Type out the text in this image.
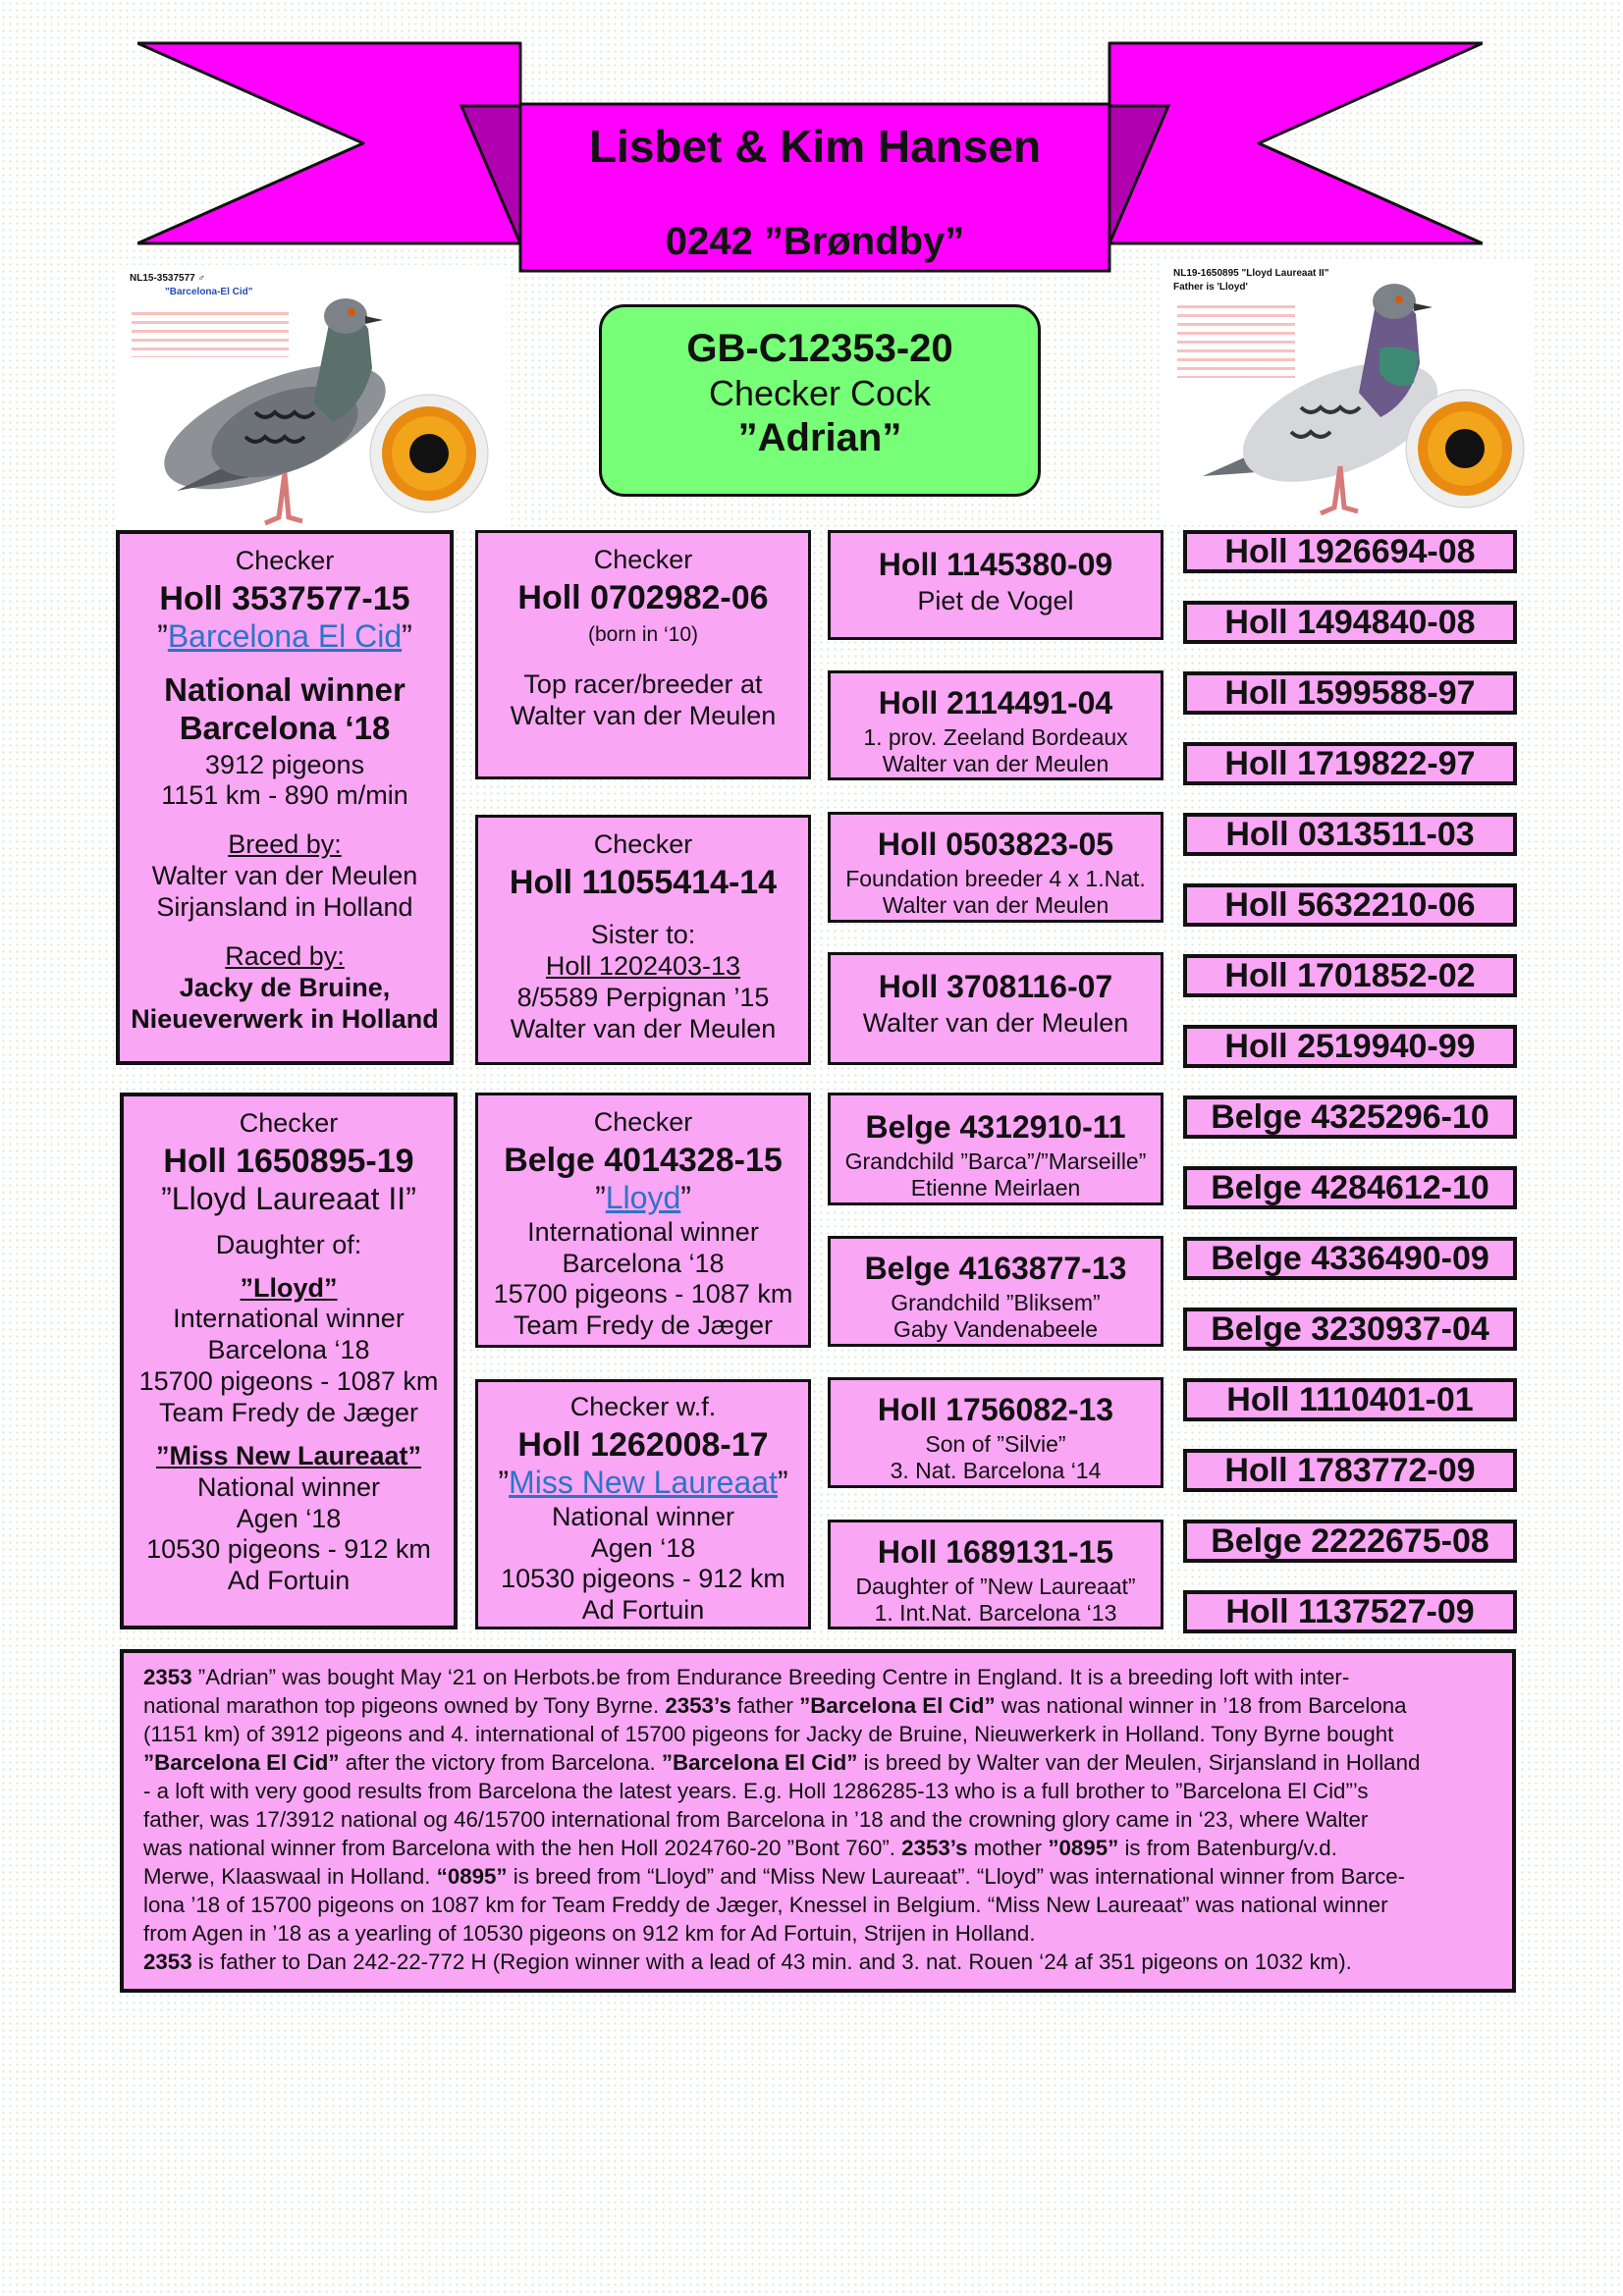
Lisbet & Kim Hansen
0242 ”Brøndby”
NL15-3537577 ♂
"Barcelona-El Cid"
NL19-1650895 "Lloyd Laureaat II"
Father is 'Lloyd'
GB-C12353-20
Checker Cock
”Adrian”
Checker
Holl 3537577-15
”Barcelona El Cid”
National winner
Barcelona ‘18
3912 pigeons
1151 km - 890 m/min
Breed by:
Walter van der Meulen
Sirjansland in Holland
Raced by:
Jacky de Bruine,
Nieueverwerk in Holland
Checker
Holl 0702982-06
(born in ‘10)
Top racer/breeder at
Walter van der Meulen
Checker
Holl 11055414-14
Sister to:
Holl 1202403-13
8/5589 Perpignan ’15
Walter van der Meulen
Checker
Holl 1650895-19
”Lloyd Laureaat II”
Daughter of:
”Lloyd”
International winner
Barcelona ‘18
15700 pigeons - 1087 km
Team Fredy de Jæger
”Miss New Laureaat”
National winner
Agen ‘18
10530 pigeons - 912 km
Ad Fortuin
Checker
Belge 4014328-15
”Lloyd”
International winner
Barcelona ‘18
15700 pigeons - 1087 km
Team Fredy de Jæger
Checker w.f.
Holl 1262008-17
”Miss New Laureaat”
National winner
Agen ‘18
10530 pigeons - 912 km
Ad Fortuin
Holl 1145380-09
Piet de Vogel
Holl 2114491-04
1. prov. Zeeland Bordeaux
Walter van der Meulen
Holl 0503823-05
Foundation breeder 4 x 1.Nat.
Walter van der Meulen
Holl 3708116-07
Walter van der Meulen
Belge 4312910-11
Grandchild ”Barca”/”Marseille”
Etienne Meirlaen
Belge 4163877-13
Grandchild ”Bliksem”
Gaby Vandenabeele
Holl 1756082-13
Son of ”Silvie”
3. Nat. Barcelona ‘14
Holl 1689131-15
Daughter of ”New Laureaat”
1. Int.Nat. Barcelona ‘13
Holl 1926694-08
Holl 1494840-08
Holl 1599588-97
Holl 1719822-97
Holl 0313511-03
Holl 5632210-06
Holl 1701852-02
Holl 2519940-99
Belge 4325296-10
Belge 4284612-10
Belge 4336490-09
Belge 3230937-04
Holl 1110401-01
Holl 1783772-09
Belge 2222675-08
Holl 1137527-09
2353 ”Adrian” was bought May ‘21 on Herbots.be from Endurance Breeding Centre in England. It is a breeding loft with inter-
national marathon top pigeons owned by Tony Byrne. 2353’s father ”Barcelona El Cid” was national winner in ’18 from Barcelona
(1151 km) of 3912 pigeons and 4. international of 15700 pigeons for Jacky de Bruine, Nieuwerkerk in Holland. Tony Byrne bought
”Barcelona El Cid” after the victory from Barcelona. ”Barcelona El Cid” is breed by Walter van der Meulen, Sirjansland in Holland
- a loft with very good results from Barcelona the latest years. E.g. Holl 1286285-13 who is a full brother to ”Barcelona El Cid”’s
father, was 17/3912 national og 46/15700 international from Barcelona in ’18 and the crowning glory came in ‘23, where Walter
was national winner from Barcelona with the hen Holl 2024760-20 ”Bont 760”. 2353’s mother ”0895” is from Batenburg/v.d.
Merwe, Klaaswaal in Holland. “0895” is breed from “Lloyd” and “Miss New Laureaat”. “Lloyd” was international winner from Barce-
lona ’18 of 15700 pigeons on 1087 km for Team Freddy de Jæger, Knessel in Belgium. “Miss New Laureaat” was national winner
from Agen in ’18 as a yearling of 10530 pigeons on 912 km for Ad Fortuin, Strijen in Holland.
2353 is father to Dan 242-22-772 H (Region winner with a lead of 43 min. and 3. nat. Rouen ‘24 af 351 pigeons on 1032 km).
